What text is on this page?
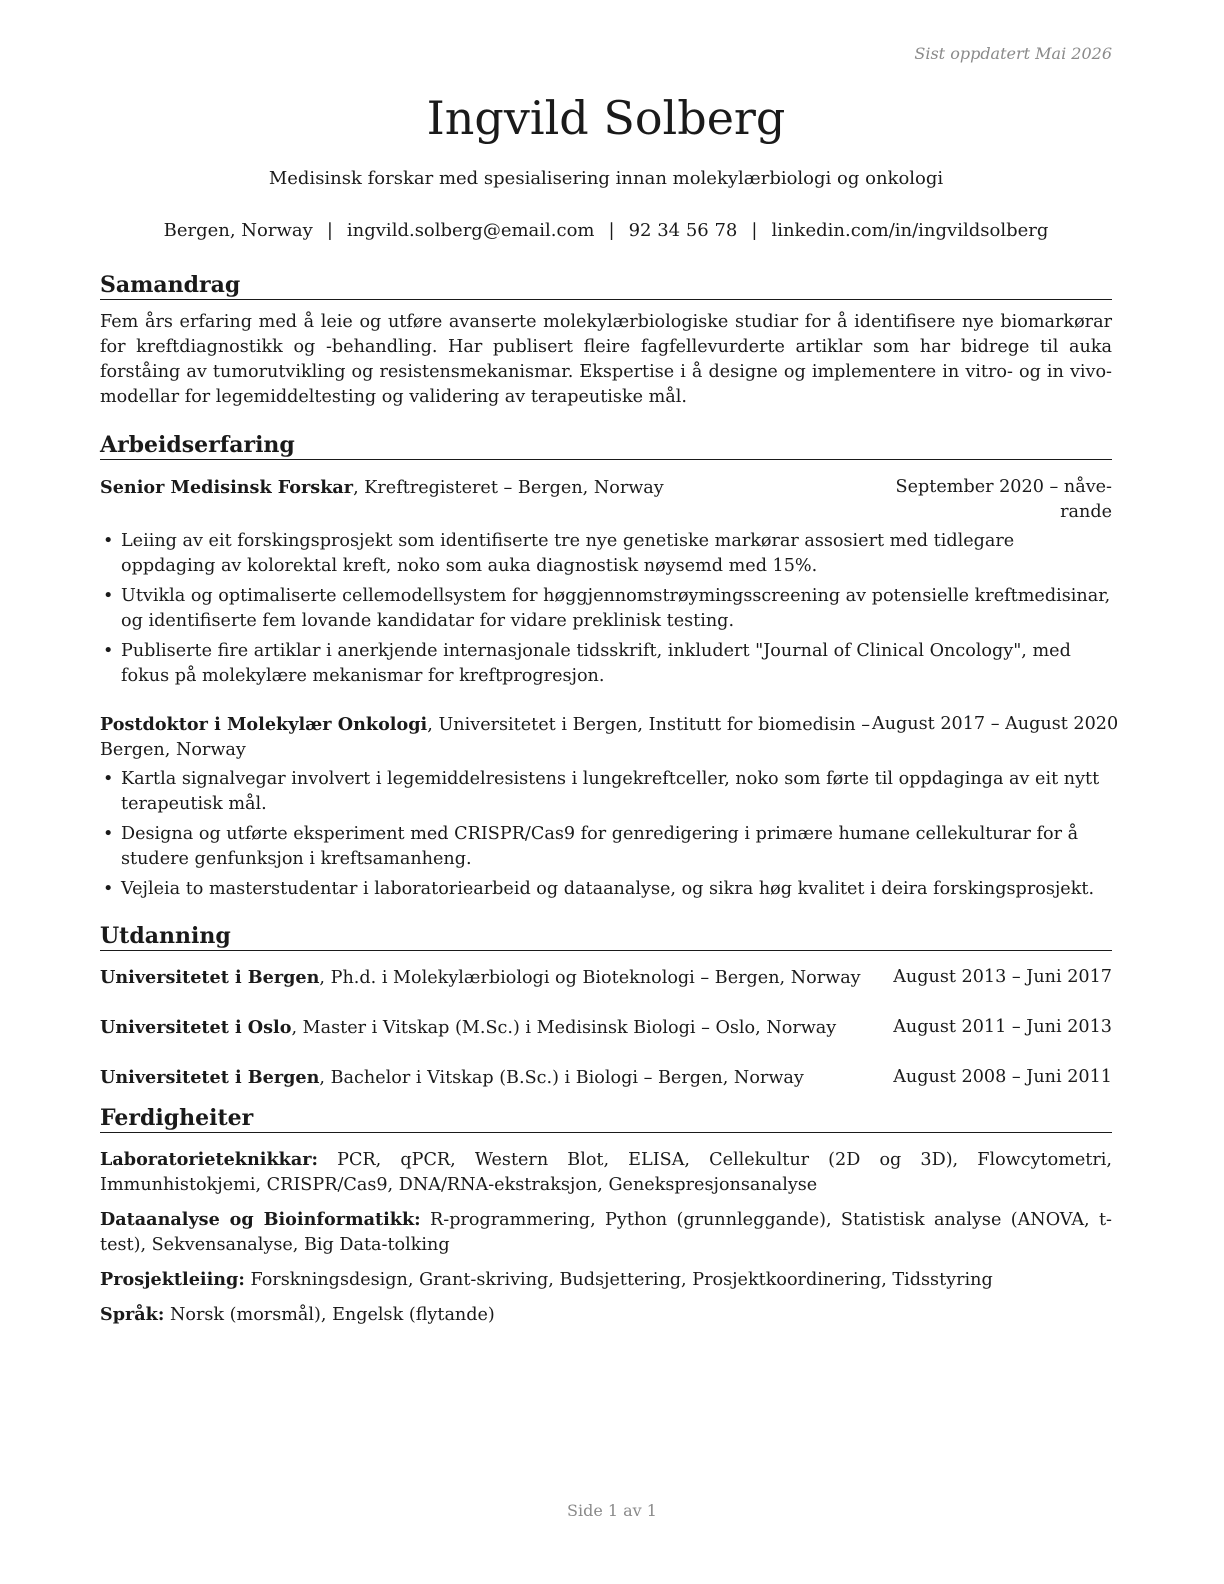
Sist oppdatert Mai 2026
Ingvild Solberg
Medisinsk forskar med spesialisering innan molekylærbiologi og onkologi
Bergen, Norway | ingvild.solberg@email.com | 92 34 56 78 | linkedin.com/in/ingvildsolberg
Samandrag

Fem års erfaring med å leie og utføre avanserte molekylærbiologiske studiar for å identifisere nye biomarkørar for kreftdiagnostikk og -behandling. Har publisert fleire fagfellevurderte artiklar som har bidrege til auka forståing av tumorutvikling og resistensmekanismar. Ekspertise i å designe og implementere in vitro- og in vivo-modellar for legemiddeltesting og validering av terapeutiske mål.

Arbeidserfaring
Senior Medisinsk Forskar, Kreftregisteret – Bergen, Norway	September 2020 – nåve-rande
• Leiing av eit forskingsprosjekt som identifiserte tre nye genetiske markørar assosiert med tidlegare oppdaging av kolorektal kreft, noko som auka diagnostisk nøysemd med 15%.
• Utvikla og optimaliserte cellemodellsystem for høggjennomstrøymingsscreening av potensielle kreftmedisinar, og identifiserte fem lovande kandidatar for vidare preklinisk testing.
• Publiserte fire artiklar i anerkjende internasjonale tidsskrift, inkludert "Journal of Clinical Oncology", med fokus på molekylære mekanismar for kreftprogresjon.
Postdoktor i Molekylær Onkologi, Universitetet i Bergen, Institutt for biomedisin – Bergen, Norway
August 2017 – August 2020
• Kartla signalvegar involvert i legemiddelresistens i lungekreftceller, noko som førte til oppdaginga av eit nytt terapeutisk mål.
• Designa og utførte eksperiment med CRISPR/Cas9 for genredigering i primære humane cellekulturar for å studere genfunksjon i kreftsamanheng.
• Vejleia to masterstudentar i laboratoriearbeid og dataanalyse, og sikra høg kvalitet i deira forskingsprosjekt.
Utdanning
Universitetet i Bergen, Ph.d. i Molekylærbiologi og Bioteknologi – Bergen, Norway August 2013 – Juni 2017
Universitetet i Oslo, Master i Vitskap (M.Sc.) i Medisinsk Biologi – Oslo, Norway	August 2011 – Juni 2013
Universitetet i Bergen, Bachelor i Vitskap (B.Sc.) i Biologi – Bergen, Norway	August 2008 – Juni 2011
Ferdigheiter
Laboratorieteknikkar: PCR, qPCR, Western Blot, ELISA, Cellekultur (2D og 3D), Flowcytometri, Immunhistokjemi, CRISPR/Cas9, DNA/RNA-ekstraksjon, Genekspresjonsanalyse
Dataanalyse og Bioinformatikk: R-programmering, Python (grunnleggande), Statistisk analyse (ANOVA, t-test), Sekvensanalyse, Big Data-tolking
Prosjektleiing: Forskningsdesign, Grant-skriving, Budsjettering, Prosjektkoordinering, Tidsstyring
Språk: Norsk (morsmål), Engelsk (flytande)
Side 1 av 1
